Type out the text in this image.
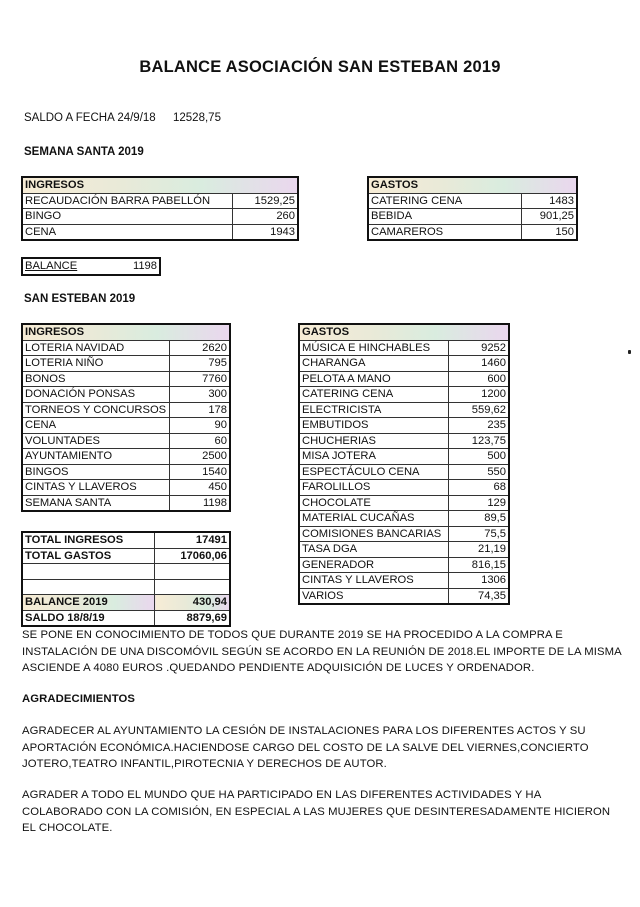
BALANCE ASOCIACIÓN SAN ESTEBAN 2019
SALDO A FECHA 24/9/18 12528,75
SEMANA SANTA 2019
INGRESOS	
RECAUDACIÓN BARRA PABELLÓN	1529,25
BINGO	260
CENA	1943
GASTOS	
CATERING CENA	1483
BEBIDA	901,25
CAMAREROS	150
BALANCE	1198
SAN ESTEBAN 2019
INGRESOS	
LOTERIA NAVIDAD	2620
LOTERIA NIÑO	795
BONOS	7760
DONACIÓN PONSAS	300
TORNEOS Y CONCURSOS	178
CENA	90
VOLUNTADES	60
AYUNTAMIENTO	2500
BINGOS	1540
CINTAS Y LLAVEROS	450
SEMANA SANTA	1198
GASTOS	
MÚSICA E HINCHABLES	9252
CHARANGA	1460
PELOTA A MANO	600
CATERING CENA	1200
ELECTRICISTA	559,62
EMBUTIDOS	235
CHUCHERIAS	123,75
MISA JOTERA	500
ESPECTÁCULO CENA	550
FAROLILLOS	68
CHOCOLATE	129
MATERIAL CUCAÑAS	89,5
COMISIONES BANCARIAS	75,5
TASA DGA	21,19
GENERADOR	816,15
CINTAS Y LLAVEROS	1306
VARIOS	74,35
TOTAL INGRESOS	17491
TOTAL GASTOS	17060,06

BALANCE 2019	430,94
SALDO 18/8/19	8879,69
SE PONE EN CONOCIMIENTO DE TODOS QUE DURANTE 2019 SE HA PROCEDIDO A LA COMPRA E INSTALACIÓN DE UNA DISCOMÓVIL SEGÚN SE ACORDO EN LA REUNIÓN DE 2018.EL IMPORTE DE LA MISMA ASCIENDE A 4080 EUROS .QUEDANDO PENDIENTE ADQUISICIÓN DE LUCES Y ORDENADOR.
AGRADECIMIENTOS
AGRADECER AL AYUNTAMIENTO LA CESIÓN DE INSTALACIONES PARA LOS DIFERENTES ACTOS Y SU APORTACIÓN ECONÓMICA.HACIENDOSE CARGO DEL COSTO DE LA SALVE DEL VIERNES,CONCIERTO JOTERO,TEATRO INFANTIL,PIROTECNIA Y DERECHOS DE AUTOR.
AGRADER A TODO EL MUNDO QUE HA PARTICIPADO EN LAS DIFERENTES ACTIVIDADES Y HA COLABORADO CON LA COMISIÓN, EN ESPECIAL A LAS MUJERES QUE DESINTERESADAMENTE HICIERON EL CHOCOLATE.
